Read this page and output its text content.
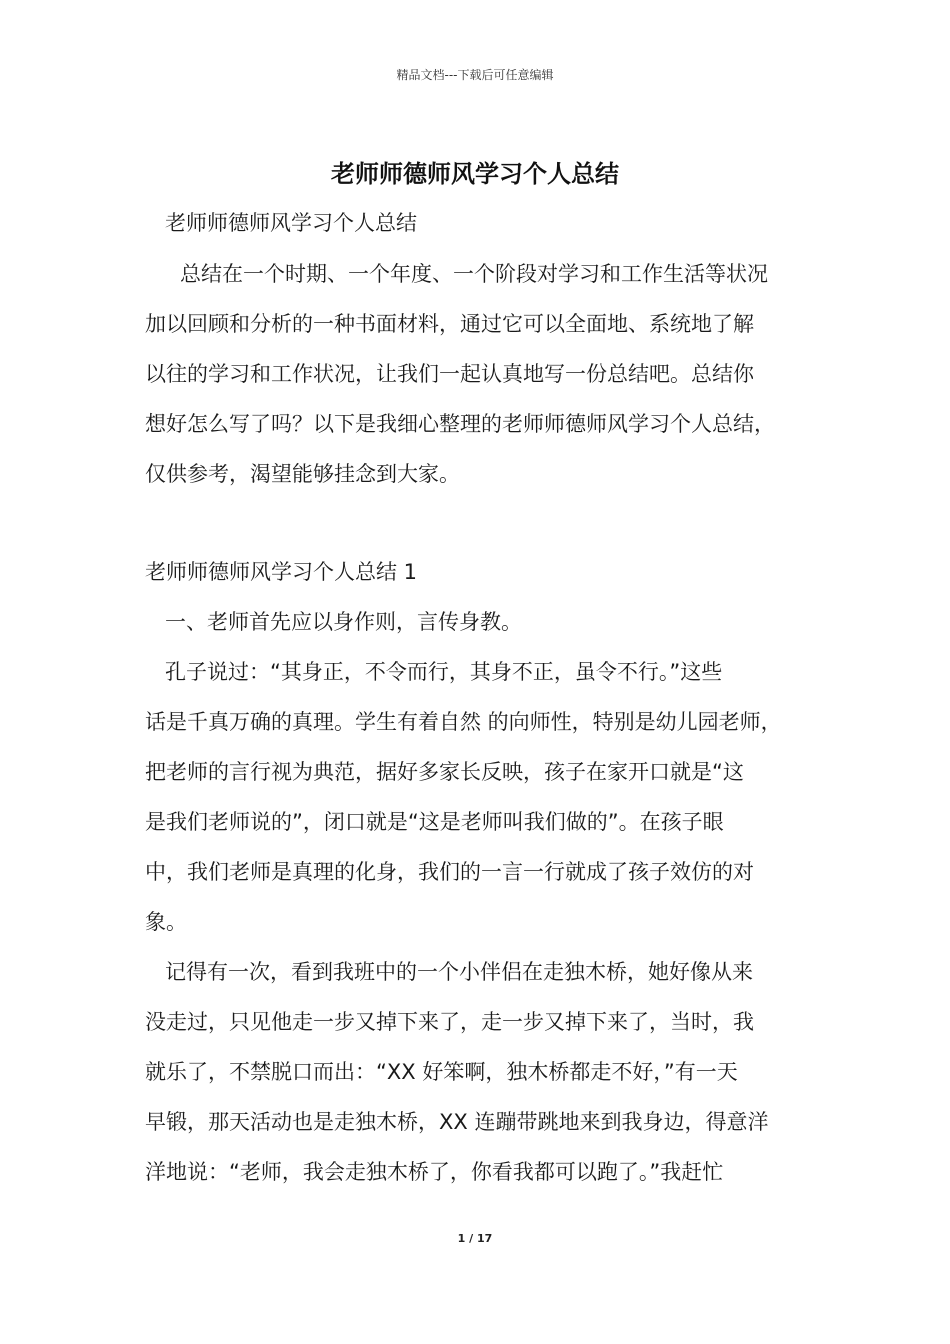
精品文档---下载后可任意编辑
老师师德师风学习个人总结
老师师德师风学习个人总结
总结在一个时期、一个年度、一个阶段对学习和工作生活等状况
加以回顾和分析的一种书面材料，通过它可以全面地、系统地了解
以往的学习和工作状况，让我们一起认真地写一份总结吧。总结你
想好怎么写了吗？以下是我细心整理的老师师德师风学习个人总结，
仅供参考，渴望能够挂念到大家。
老师师德师风学习个人总结 1
一、老师首先应以身作则，言传身教。
孔子说过：“其身正，不令而行，其身不正，虽令不行。”这些
话是千真万确的真理。学生有着自然 的向师性，特别是幼儿园老师，
把老师的言行视为典范，据好多家长反映，孩子在家开口就是“这
是我们老师说的”，闭口就是“这是老师叫我们做的”。在孩子眼
中，我们老师是真理的化身，我们的一言一行就成了孩子效仿的对
象。
记得有一次，看到我班中的一个小伴侣在走独木桥，她好像从来
没走过，只见他走一步又掉下来了，走一步又掉下来了，当时，我
就乐了，不禁脱口而出：“XX 好笨啊，独木桥都走不好，”有一天
早锻，那天活动也是走独木桥，XX 连蹦带跳地来到我身边，得意洋
洋地说：“老师，我会走独木桥了，你看我都可以跑了。”我赶忙
1 / 17
